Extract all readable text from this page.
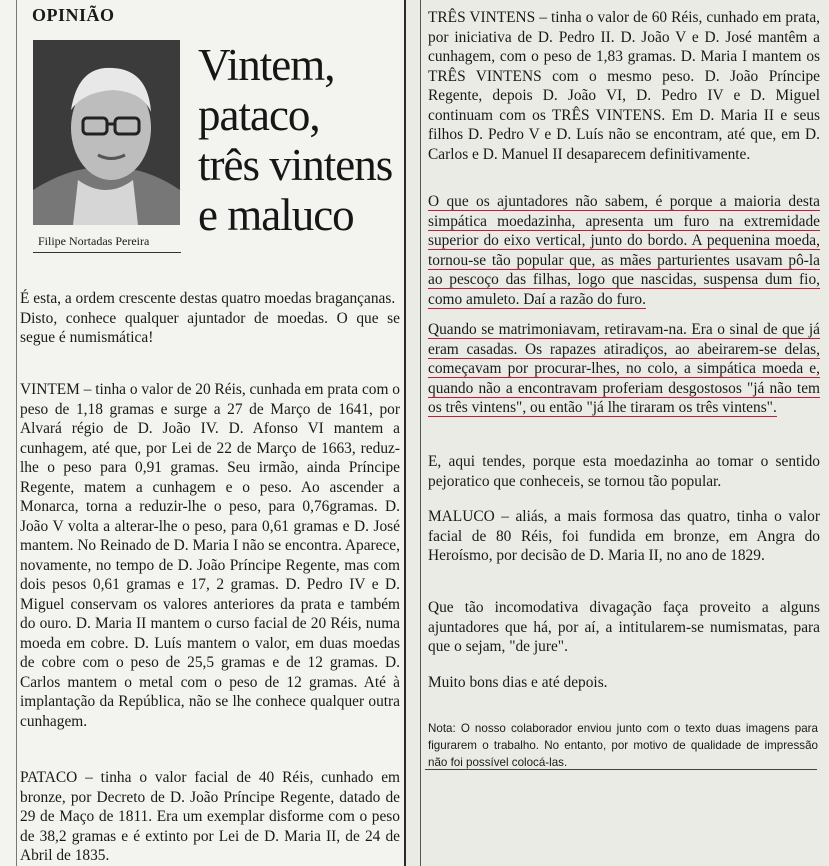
OPINIÃO
Filipe Nortadas Pereira
Vintem,
pataco,
três vintens
e maluco

É esta, a ordem crescente destas quatro moedas bragançanas.

Disto, conhece qualquer ajuntador de moedas. O que se segue é numismática!

VINTEM – tinha o valor de 20 Réis, cunhada em prata com o peso de 1,18 gramas e surge a 27 de Março de 1641, por Alvará régio de D. João IV. D. Afonso VI mantem a cunhagem, até que, por Lei de 22 de Março de 1663, reduz-lhe o peso para 0,91 gramas. Seu irmão, ainda Príncipe Regente, matem a cunhagem e o peso. Ao ascender a Monarca, torna a reduzir-lhe o peso, para 0,76gramas. D. João V volta a alterar-lhe o peso, para 0,61 gramas e D. José mantem. No Reinado de D. Maria I não se encontra. Aparece, novamente, no tempo de D. João Príncipe Regente, mas com dois pesos 0,61 gramas e 17, 2 gramas. D. Pedro IV e D. Miguel conservam os valores anteriores da prata e também do ouro. D. Maria II mantem o curso facial de 20 Réis, numa moeda em cobre. D. Luís mantem o valor, em duas moedas de cobre com o peso de 25,5 gramas e de 12 gramas. D. Carlos mantem o metal com o peso de 12 gramas. Até à implantação da República, não se lhe conhece qualquer outra cunhagem.

PATACO – tinha o valor facial de 40 Réis, cunhado em bronze, por Decreto de D. João Príncipe Regente, datado de 29 de Maço de 1811. Era um exemplar disforme com o peso de 38,2 gramas e é extinto por Lei de D. Maria II, de 24 de Abril de 1835.

TRÊS VINTENS – tinha o valor de 60 Réis, cunhado em prata, por iniciativa de D. Pedro II. D. João V e D. José mantêm a cunhagem, com o peso de 1,83 gramas. D. Maria I mantem os TRÊS VINTENS com o mesmo peso. D. João Príncipe Regente, depois D. João VI, D. Pedro IV e D. Miguel continuam com os TRÊS VINTENS. Em D. Maria II e seus filhos D. Pedro V e D. Luís não se encontram, até que, em D. Carlos e D. Manuel II desaparecem definitivamente.

O que os ajuntadores não sabem, é porque a maioria desta simpática moedazinha, apresenta um furo na extremidade superior do eixo vertical, junto do bordo. A pequenina moeda, tornou-se tão popular que, as mães parturientes usavam pô-la ao pescoço das filhas, logo que nascidas, suspensa dum fio, como amuleto. Daí a razão do furo.

Quando se matrimoniavam, retiravam-na. Era o sinal de que já eram casadas. Os rapazes atiradiços, ao abeirarem-se delas, começavam por procurar-lhes, no colo, a simpática moeda e, quando não a encontravam proferiam desgostosos "já não tem os três vintens", ou então "já lhe tiraram os três vintens".

E, aqui tendes, porque esta moedazinha ao tomar o sentido pejoratico que conheceis, se tornou tão popular.

MALUCO – aliás, a mais formosa das quatro, tinha o valor facial de 80 Réis, foi fundida em bronze, em Angra do Heroísmo, por decisão de D. Maria II, no ano de 1829.

Que tão incomodativa divagação faça proveito a alguns ajuntadores que há, por aí, a intitularem-se numismatas, para que o sejam, "de jure".

Muito bons dias e até depois.

Nota: O nosso colaborador enviou junto com o texto duas imagens para figurarem o trabalho. No entanto, por motivo de qualidade de impressão não foi possível colocá-las.
